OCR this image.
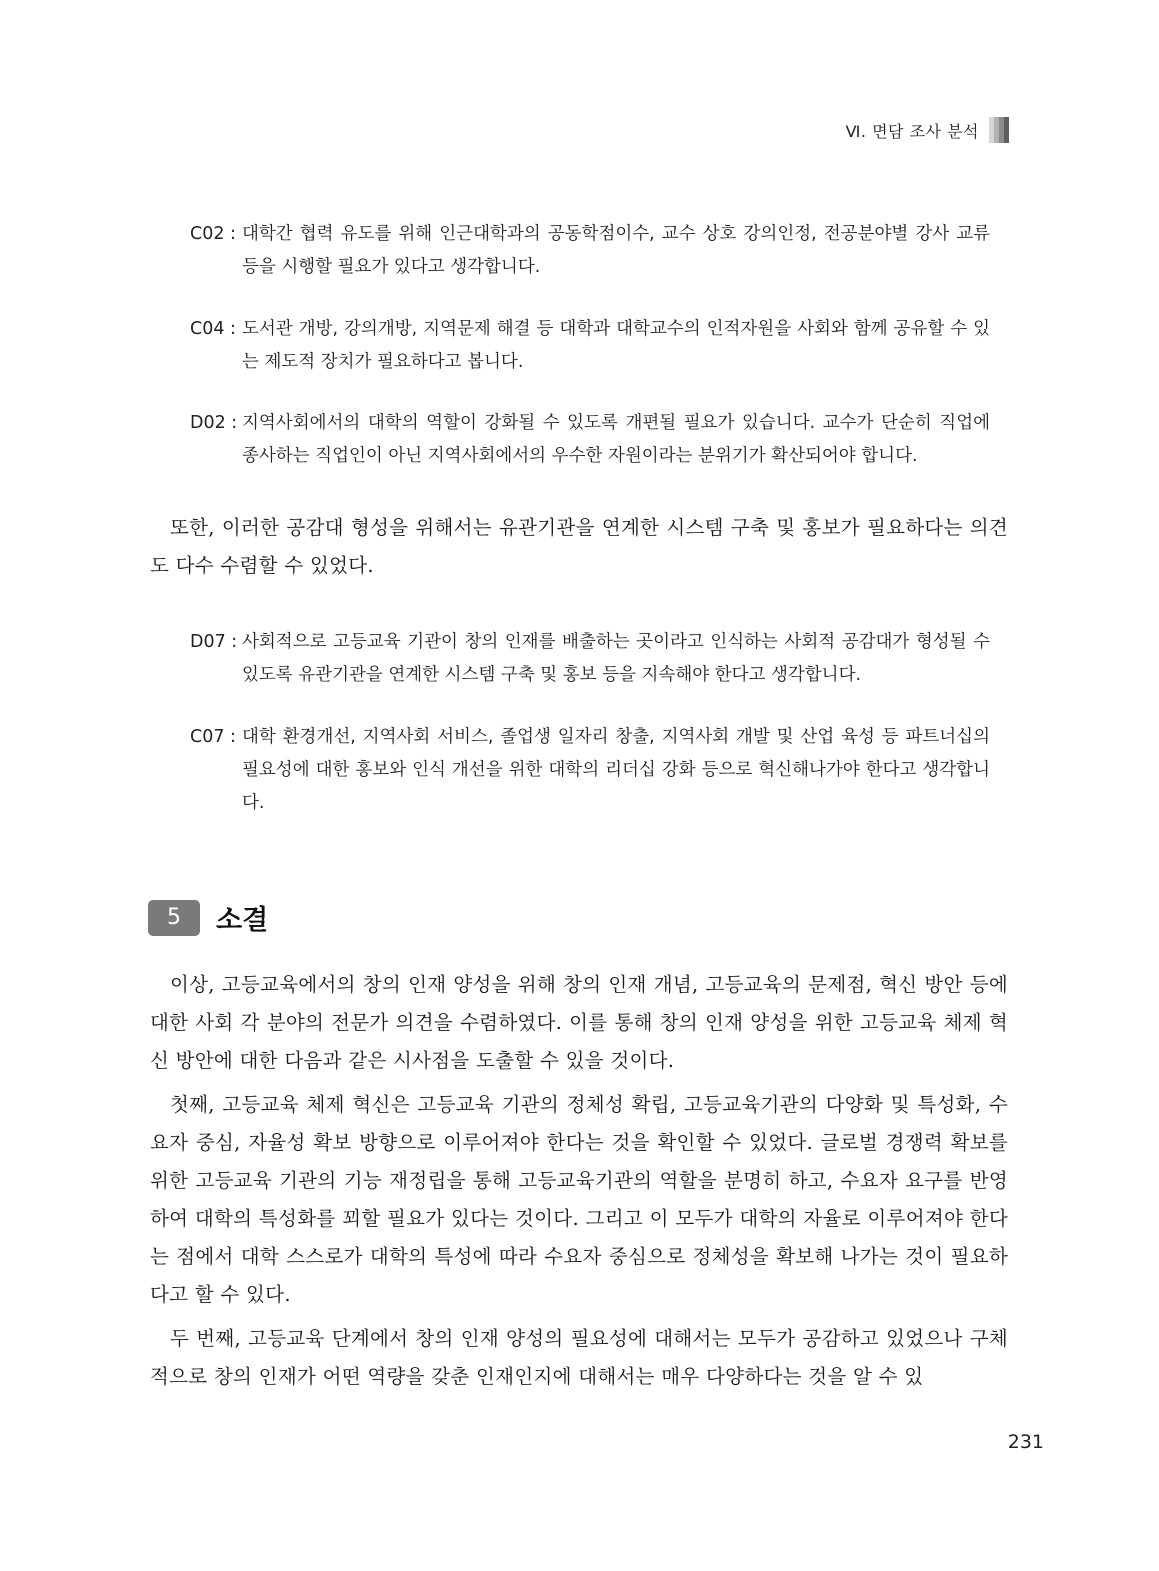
Ⅵ. 면담 조사 분석
C02 : 대학간 협력 유도를 위해 인근대학과의 공동학점이수, 교수 상호 강의인정, 전공분야별 강사 교류 등을 시행할 필요가 있다고 생각합니다.
C04 : 도서관 개방, 강의개방, 지역문제 해결 등 대학과 대학교수의 인적자원을 사회와 함께 공유할 수 있는 제도적 장치가 필요하다고 봅니다.
D02 : 지역사회에서의 대학의 역할이 강화될 수 있도록 개편될 필요가 있습니다. 교수가 단순히 직업에 종사하는 직업인이 아닌 지역사회에서의 우수한 자원이라는 분위기가 확산되어야 합니다.
또한, 이러한 공감대 형성을 위해서는 유관기관을 연계한 시스템 구축 및 홍보가 필요하다는 의견도 다수 수렴할 수 있었다.
D07 : 사회적으로 고등교육 기관이 창의 인재를 배출하는 곳이라고 인식하는 사회적 공감대가 형성될 수 있도록 유관기관을 연계한 시스템 구축 및 홍보 등을 지속해야 한다고 생각합니다.
C07 : 대학 환경개선, 지역사회 서비스, 졸업생 일자리 창출, 지역사회 개발 및 산업 육성 등 파트너십의 필요성에 대한 홍보와 인식 개선을 위한 대학의 리더십 강화 등으로 혁신해나가야 한다고 생각합니다.
5	소결
이상, 고등교육에서의 창의 인재 양성을 위해 창의 인재 개념, 고등교육의 문제점, 혁신 방안 등에 대한 사회 각 분야의 전문가 의견을 수렴하였다. 이를 통해 창의 인재 양성을 위한 고등교육 체제 혁신 방안에 대한 다음과 같은 시사점을 도출할 수 있을 것이다.
첫째, 고등교육 체제 혁신은 고등교육 기관의 정체성 확립, 고등교육기관의 다양화 및 특성화, 수요자 중심, 자율성 확보 방향으로 이루어져야 한다는 것을 확인할 수 있었다. 글로벌 경쟁력 확보를 위한 고등교육 기관의 기능 재정립을 통해 고등교육기관의 역할을 분명히 하고, 수요자 요구를 반영하여 대학의 특성화를 꾀할 필요가 있다는 것이다. 그리고 이 모두가 대학의 자율로 이루어져야 한다는 점에서 대학 스스로가 대학의 특성에 따라 수요자 중심으로 정체성을 확보해 나가는 것이 필요하다고 할 수 있다.
두 번째, 고등교육 단계에서 창의 인재 양성의 필요성에 대해서는 모두가 공감하고 있었으나 구체적으로 창의 인재가 어떤 역량을 갖춘 인재인지에 대해서는 매우 다양하다는 것을 알 수 있
231
